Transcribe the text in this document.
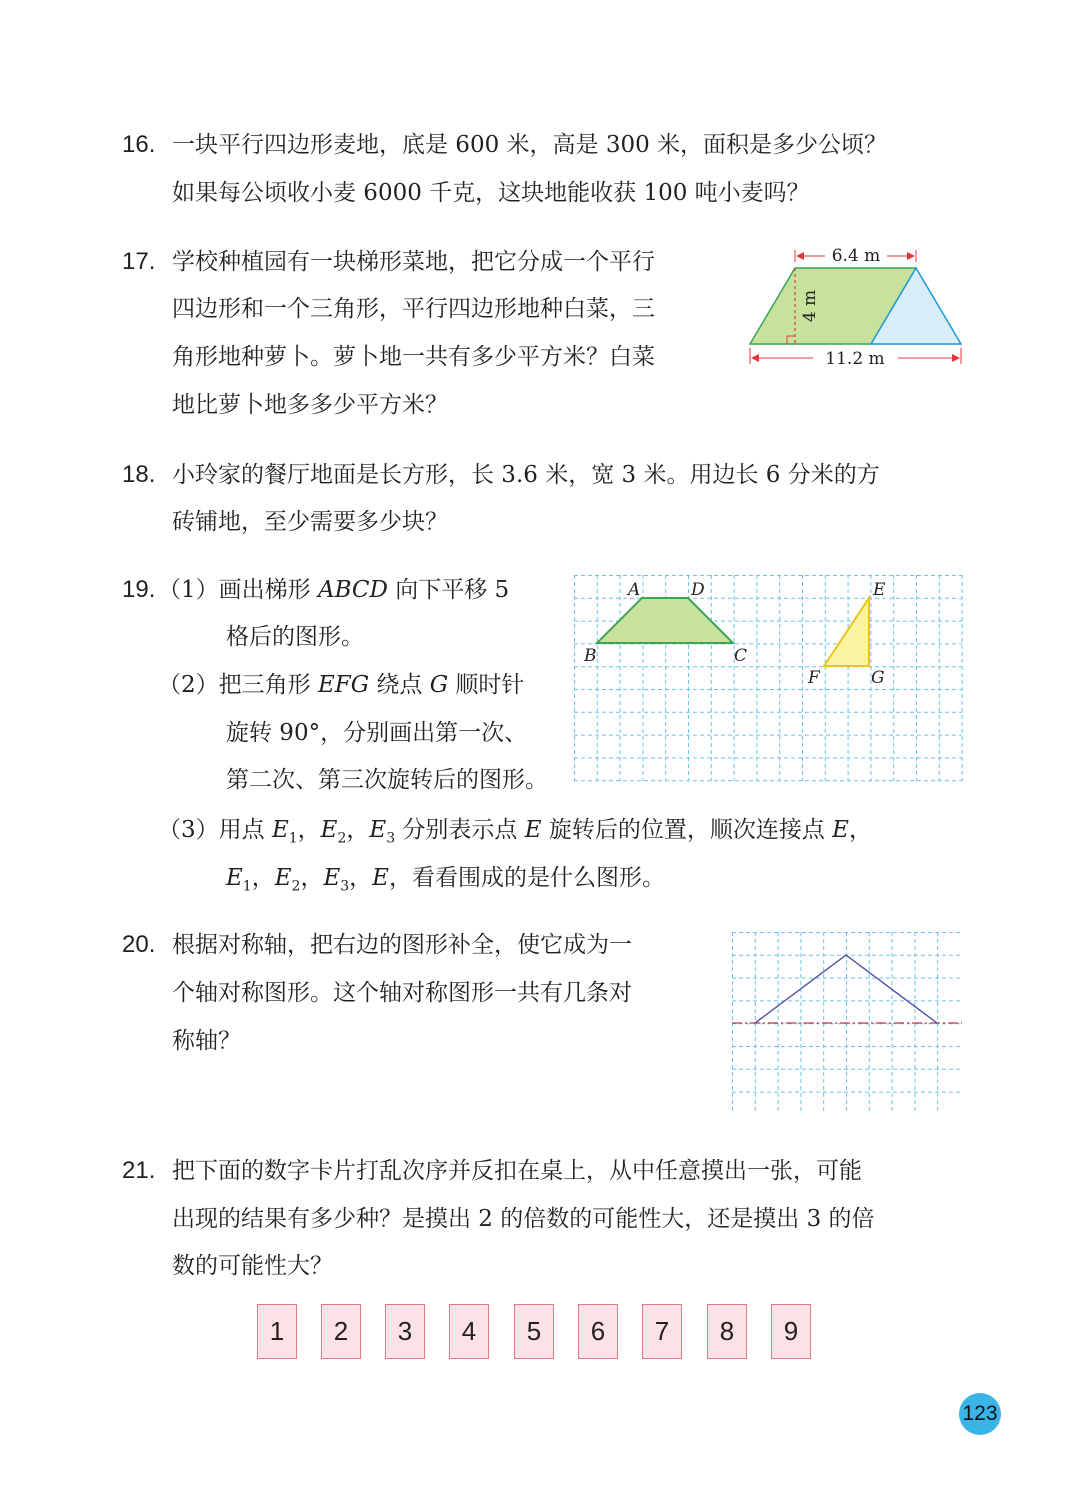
16. 一块平行四边形麦地，底是 600 米，高是 300 米，面积是多少公顷？
如果每公顷收小麦 6000 千克，这块地能收获 100 吨小麦吗？
17. 学校种植园有一块梯形菜地，把它分成一个平行
四边形和一个三角形，平行四边形地种白菜，三
角形地种萝卜。萝卜地一共有多少平方米？白菜
地比萝卜地多多少平方米？
6.4 m
4 m
11.2 m
18. 小玲家的餐厅地面是长方形，长 3.6 米，宽 3 米。用边长 6 分米的方
砖铺地，至少需要多少块？
19. （1）画出梯形 ABCD 向下平移 5
格后的图形。
（2）把三角形 EFG 绕点 G 顺时针
旋转 90°，分别画出第一次、
第二次、第三次旋转后的图形。
（3）用点 $E_1$，$E_2$，$E_3$ 分别表示点 E 旋转后的位置，顺次连接点 E，
$E_1$，$E_2$，$E_3$，E，看看围成的是什么图形。
A	D
B	C
E
F	G
20. 根据对称轴，把右边的图形补全，使它成为一
个轴对称图形。这个轴对称图形一共有几条对
称轴？
21. 把下面的数字卡片打乱次序并反扣在桌上，从中任意摸出一张，可能
出现的结果有多少种？是摸出 2 的倍数的可能性大，还是摸出 3 的倍
数的可能性大？
1	2	3	4	5	6	7	8	9
123
